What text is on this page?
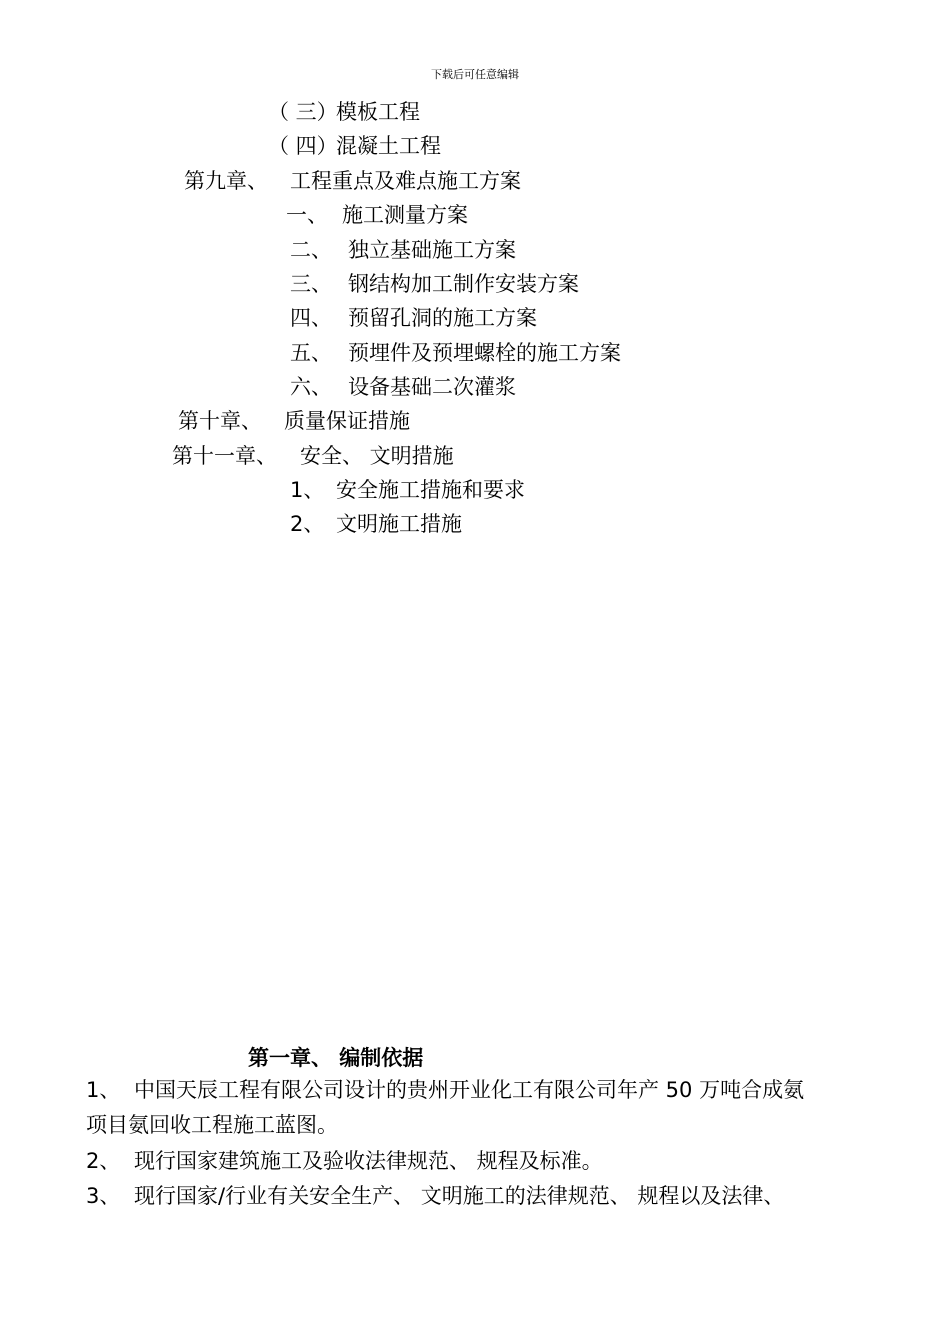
下载后可任意编辑
（ 三）模板工程
（ 四）混凝土工程
第九章、 工程重点及难点施工方案
一、 施工测量方案
二、 独立基础施工方案
三、 钢结构加工制作安装方案
四、 预留孔洞的施工方案
五、 预埋件及预埋螺栓的施工方案
六、 设备基础二次灌浆
第十章、 质量保证措施
第十一章、 安全、 文明措施
1、 安全施工措施和要求
2、 文明施工措施
第一章、 编制依据
1、 中国天辰工程有限公司设计的贵州开业化工有限公司年产 50 万吨合成氨
项目氨回收工程施工蓝图。
2、 现行国家建筑施工及验收法律规范、 规程及标准。
3、 现行国家/行业有关安全生产、 文明施工的法律规范、 规程以及法律、
